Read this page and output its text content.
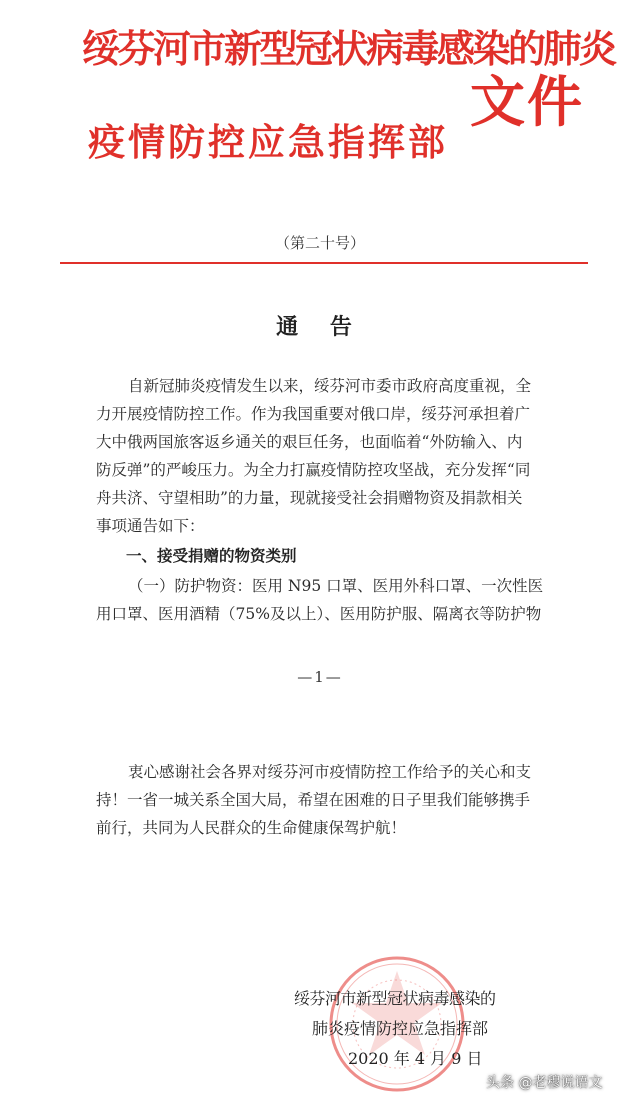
绥芬河市新型冠状病毒感染的肺炎
疫情防控应急指挥部
文件
（第二十号）
通 告
自新冠肺炎疫情发生以来，绥芬河市委市政府高度重视，全
力开展疫情防控工作。作为我国重要对俄口岸，绥芬河承担着广
大中俄两国旅客返乡通关的艰巨任务，也面临着“外防输入、内
防反弹”的严峻压力。为全力打赢疫情防控攻坚战，充分发挥“同
舟共济、守望相助”的力量，现就接受社会捐赠物资及捐款相关
事项通告如下：
一、接受捐赠的物资类别
（一）防护物资：医用 N95 口罩、医用外科口罩、一次性医
用口罩、医用酒精（75%及以上）、医用防护服、隔离衣等防护物
—1—
衷心感谢社会各界对绥芬河市疫情防控工作给予的关心和支
持！一省一城关系全国大局，希望在困难的日子里我们能够携手
前行，共同为人民群众的生命健康保驾护航！
绥芬河市新型冠状病毒感染的
肺炎疫情防控应急指挥部
2020 年 4 月 9 日
头条 @老穆说语文
